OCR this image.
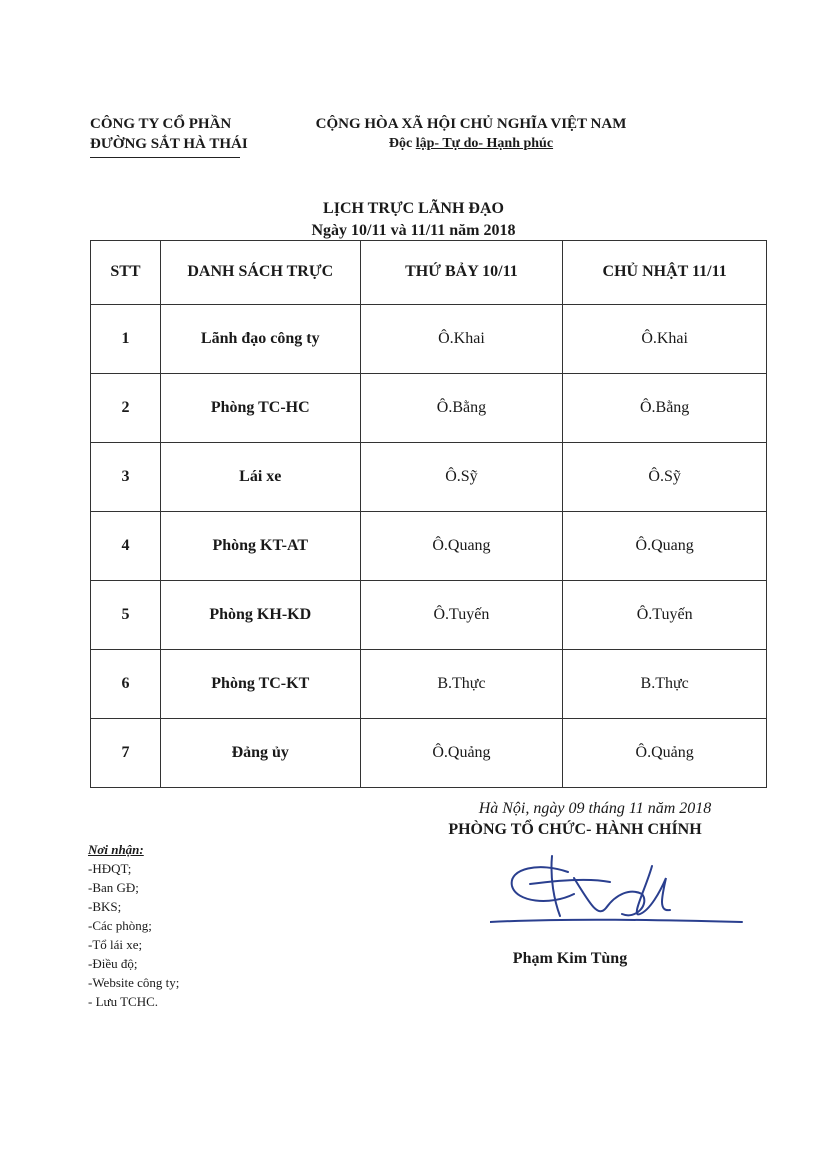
CÔNG TY CỔ PHẦN
ĐƯỜNG SẮT HÀ THÁI
CỘNG HÒA XÃ HỘI CHỦ NGHĨA VIỆT NAM
Độc lập- Tự do- Hạnh phúc
LỊCH TRỰC LÃNH ĐẠO
Ngày 10/11 và 11/11 năm 2018
STT	DANH SÁCH TRỰC	THỨ BẢY 10/11	CHỦ NHẬT 11/11
1	Lãnh đạo công ty	Ô.Khai	Ô.Khai
2	Phòng TC-HC	Ô.Bằng	Ô.Bằng
3	Lái xe	Ô.Sỹ	Ô.Sỹ
4	Phòng KT-AT	Ô.Quang	Ô.Quang
5	Phòng KH-KD	Ô.Tuyến	Ô.Tuyến
6	Phòng TC-KT	B.Thực	B.Thực
7	Đảng ủy	Ô.Quảng	Ô.Quảng
Hà Nội, ngày 09 tháng 11 năm 2018
PHÒNG TỔ CHỨC- HÀNH CHÍNH
Phạm Kim Tùng
Nơi nhận:
-HĐQT;
-Ban GĐ;
-BKS;
-Các phòng;
-Tổ lái xe;
-Điều độ;
-Website công ty;
- Lưu TCHC.
